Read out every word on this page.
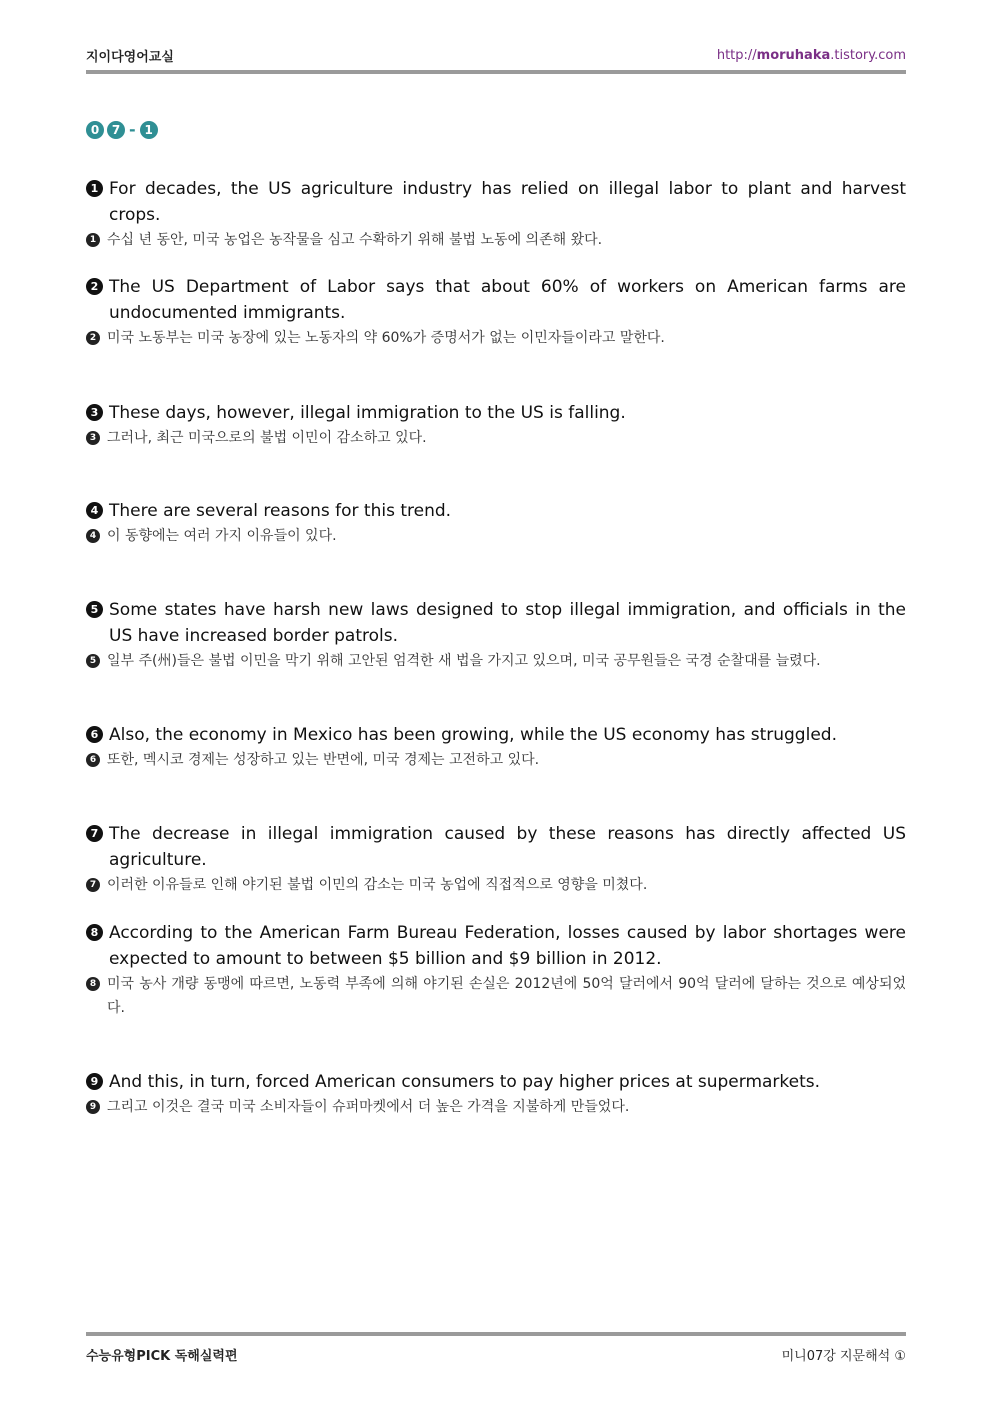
지이다영어교실	http://moruhaka.tistory.com
0	7 - 1
1 For decades, the US agriculture industry has relied on illegal labor to plant and harvest crops.
1 수십 년 동안, 미국 농업은 농작물을 심고 수확하기 위해 불법 노동에 의존해 왔다.
2 The US Department of Labor says that about 60% of workers on American farms are undocumented immigrants.
2 미국 노동부는 미국 농장에 있는 노동자의 약 60%가 증명서가 없는 이민자들이라고 말한다.
3 These days, however, illegal immigration to the US is falling.
3 그러나, 최근 미국으로의 불법 이민이 감소하고 있다.
4 There are several reasons for this trend.
4 이 동향에는 여러 가지 이유들이 있다.
5 Some states have harsh new laws designed to stop illegal immigration, and officials in the US have increased border patrols.
5 일부 주(州)들은 불법 이민을 막기 위해 고안된 엄격한 새 법을 가지고 있으며, 미국 공무원들은 국경 순찰대를 늘렸다.
6 Also, the economy in Mexico has been growing, while the US economy has struggled.
6 또한, 멕시코 경제는 성장하고 있는 반면에, 미국 경제는 고전하고 있다.
7 The decrease in illegal immigration caused by these reasons has directly affected US agriculture.
7 이러한 이유들로 인해 야기된 불법 이민의 감소는 미국 농업에 직접적으로 영향을 미쳤다.
8 According to the American Farm Bureau Federation, losses caused by labor shortages were expected to amount to between $5 billion and $9 billion in 2012.
8 미국 농사 개량 동맹에 따르면, 노동력 부족에 의해 야기된 손실은 2012년에 50억 달러에서 90억 달러에 달하는 것으로 예상되었다.
9 And this, in turn, forced American consumers to pay higher prices at supermarkets.
9 그리고 이것은 결국 미국 소비자들이 슈퍼마켓에서 더 높은 가격을 지불하게 만들었다.
수능유형PICK 독해실력편	미니07강 지문해석 ①
